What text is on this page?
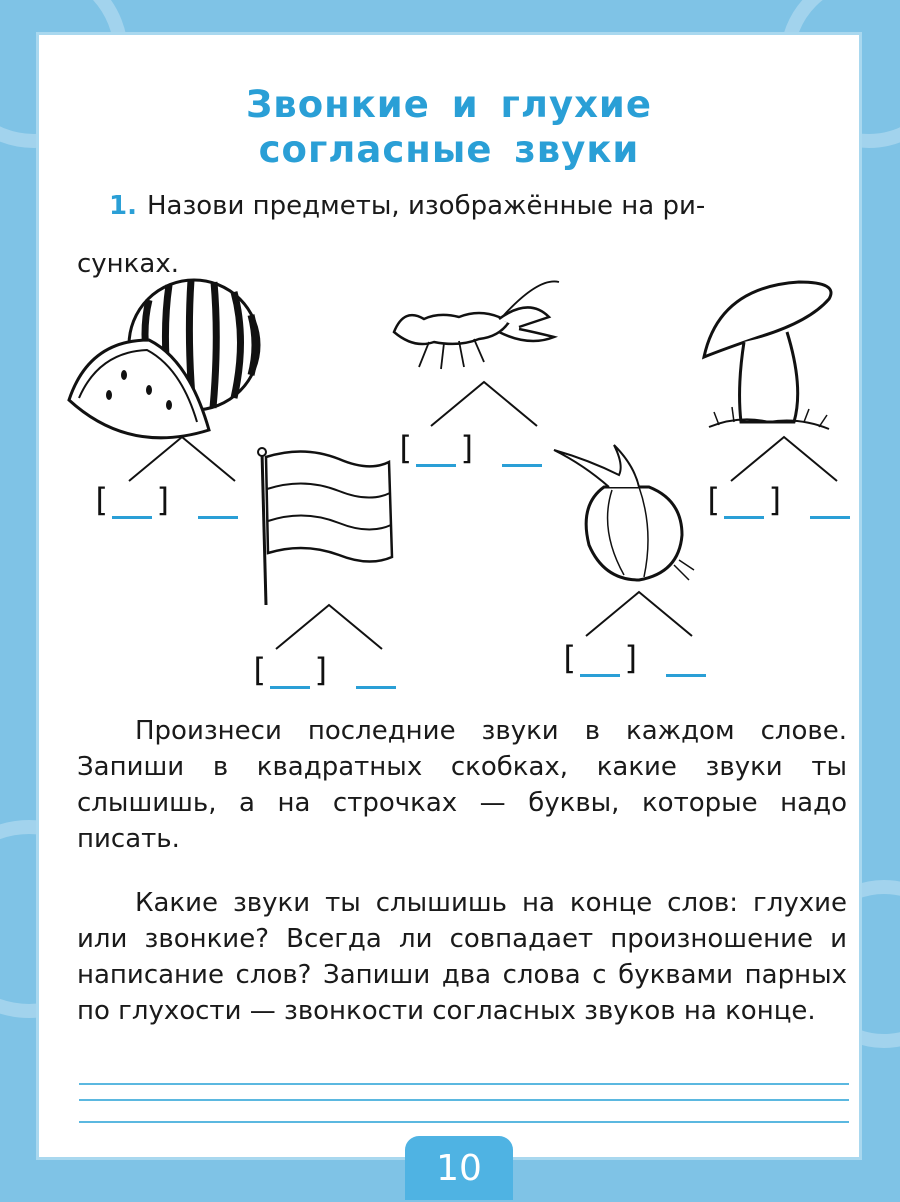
Звонкие и глухие
согласные звуки

1. Назови предметы, изображённые на ри-

сунках.

[ ]
[ ]
[ ]
[ ]	[ ]

Произнеси последние звуки в каждом слове. Запиши в квадратных скобках, какие звуки ты слышишь, а на строчках — буквы, которые надо писать.

Какие звуки ты слышишь на конце слов: глухие или звонкие? Всегда ли совпадает произношение и написание слов? Запиши два слова с буквами парных по глухости — звонкости согласных звуков на конце.

10
